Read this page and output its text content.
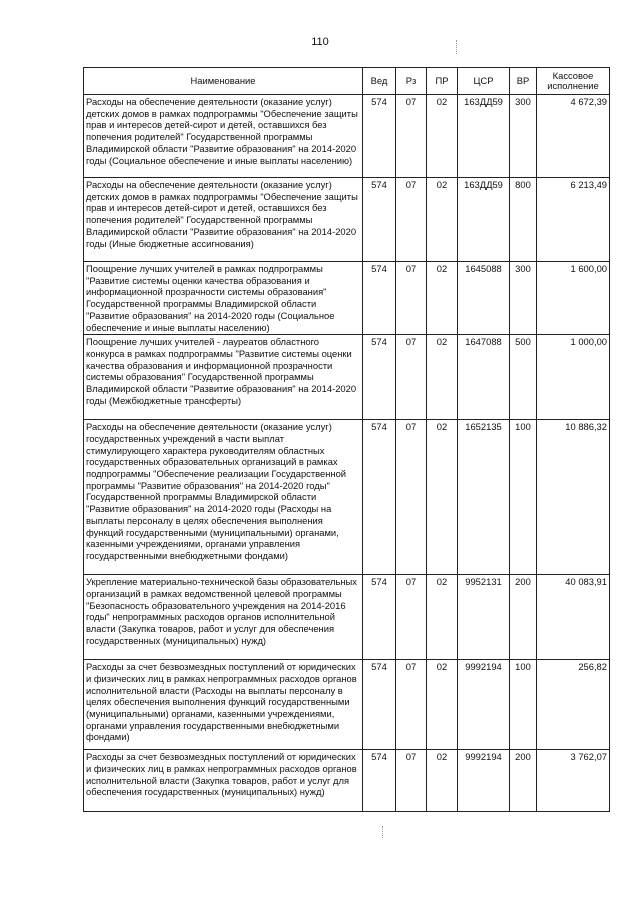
110
Наименование	Вед	Рз	ПР	ЦСР	ВР	Кассовое исполнение
Расходы на обеспечение деятельности (оказание услуг) детских домов в рамках подпрограммы "Обеспечение защиты прав и интересов детей-сирот и детей, оставшихся без попечения родителей" Государственной программы Владимирской области "Развитие образования" на 2014-2020 годы (Социальное обеспечение и иные выплаты населению)	574	07	02	163ДД59	300	4 672,39
Расходы на обеспечение деятельности (оказание услуг) детских домов в рамках подпрограммы "Обеспечение защиты прав и интересов детей-сирот и детей, оставшихся без попечения родителей" Государственной программы Владимирской области "Развитие образования" на 2014-2020 годы (Иные бюджетные ассигнования)	574	07	02	163ДД59	800	6 213,49
Поощрение лучших учителей в рамках подпрограммы "Развитие системы оценки качества образования и информационной прозрачности системы образования" Государственной программы Владимирской области "Развитие образования" на 2014-2020 годы (Социальное обеспечение и иные выплаты населению)	574	07	02	1645088	300	1 600,00
Поощрение лучших учителей - лауреатов областного конкурса в рамках подпрограммы "Развитие системы оценки качества образования и информационной прозрачности системы образования" Государственной программы Владимирской области "Развитие образования" на 2014-2020 годы (Межбюджетные трансферты)	574	07	02	1647088	500	1 000,00
Расходы на обеспечение деятельности (оказание услуг) государственных учреждений в части выплат стимулирующего характера руководителям областных государственных образовательных организаций в рамках подпрограммы "Обеспечение реализации Государственной программы "Развитие образования" на 2014-2020 годы" Государственной программы Владимирской области "Развитие образования" на 2014-2020 годы (Расходы на выплаты персоналу в целях обеспечения выполнения функций государственными (муниципальными) органами, казенными учреждениями, органами управления государственными внебюджетными фондами)	574	07	02	1652135	100	10 886,32
Укрепление материально-технической базы образовательных организаций в рамках ведомственной целевой программы "Безопасность образовательного учреждения на 2014-2016 годы" непрограммных расходов органов исполнительной власти (Закупка товаров, работ и услуг для обеспечения государственных (муниципальных) нужд)	574	07	02	9952131	200	40 083,91
Расходы за счет безвозмездных поступлений от юридических и физических лиц в рамках непрограммных расходов органов исполнительной власти (Расходы на выплаты персоналу в целях обеспечения выполнения функций государственными (муниципальными) органами, казенными учреждениями, органами управления государственными внебюджетными фондами)	574	07	02	9992194	100	256,82
Расходы за счет безвозмездных поступлений от юридических и физических лиц в рамках непрограммных расходов органов исполнительной власти (Закупка товаров, работ и услуг для обеспечения государственных (муниципальных) нужд)	574	07	02	9992194	200	3 762,07
